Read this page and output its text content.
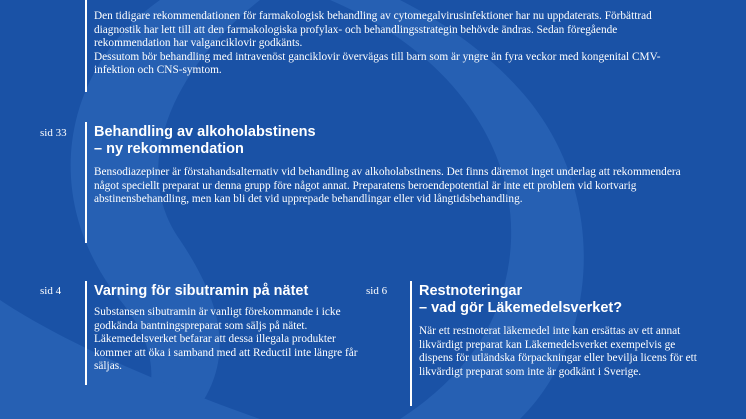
Den tidigare rekommendationen för farmakologisk behandling av cytomegalvirusinfektioner har nu uppdaterats. Förbättrad diagnostik har lett till att den farmakologiska profylax- och behandlingsstrategin behövde ändras. Sedan föregående rekommendation har valganciklovir godkänts.

Dessutom bör behandling med intravenöst ganciklovir övervägas till barn som är yngre än fyra veckor med kongenital CMV-infektion och CNS-symtom.

sid 33 Behandling av alkoholabstinens
– ny rekommendation
Bensodiazepiner är förstahandsalternativ vid behandling av alkoholabstinens. Det finns däremot inget underlag att rekommendera något speciellt preparat ur denna grupp före något annat. Preparatens beroendepotential är inte ett problem vid kortvarig abstinensbehandling, men kan bli det vid upprepade behandlingar eller vid långtidsbehandling.
sid 4 Varning för sibutramin på nätet
Substansen sibutramin är vanligt förekommande i icke godkända bantningspreparat som säljs på nätet. Läkemedelsverket befarar att dessa illegala produkter kommer att öka i samband med att Reductil inte längre får säljas.
sid 6 Restnoteringar
– vad gör Läkemedelsverket?
När ett restnoterat läkemedel inte kan ersättas av ett annat likvärdigt preparat kan Läkemedelsverket exempelvis ge dispens för utländska förpackningar eller bevilja licens för ett likvärdigt preparat som inte är godkänt i Sverige.
